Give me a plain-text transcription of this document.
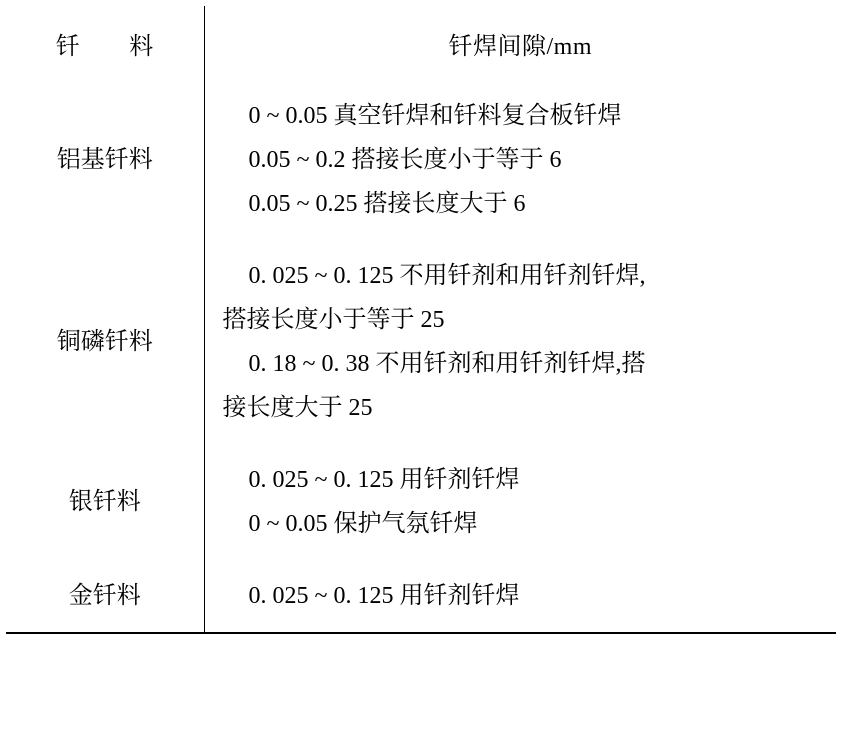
钎　　料	钎焊间隙/mm

铝基钎料	0 ~ 0.05 真空钎焊和钎料复合板钎焊
0.05 ~ 0.2 搭接长度小于等于 6
0.05 ~ 0.25 搭接长度大于 6

铜磷钎料	0. 025 ~ 0. 125 不用钎剂和用钎剂钎焊,
搭接长度小于等于 25
0. 18 ~ 0. 38 不用钎剂和用钎剂钎焊,搭
接长度大于 25

银钎料	0. 025 ~ 0. 125 用钎剂钎焊
0 ~ 0.05 保护气氛钎焊

金钎料	0. 025 ~ 0. 125 用钎剂钎焊
